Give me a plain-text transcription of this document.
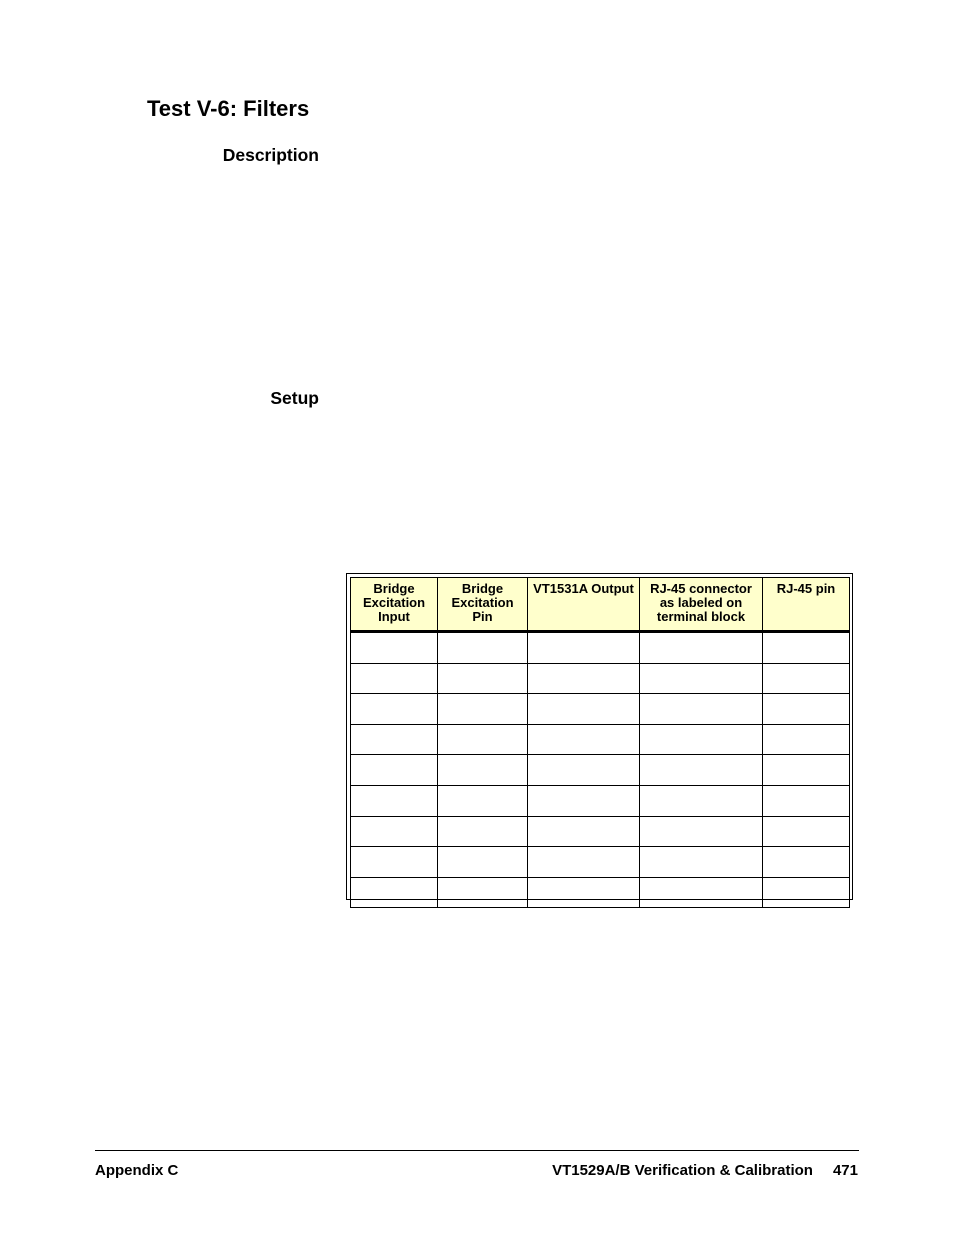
Test V-6: Filters
Description
Setup
Bridge Excitation Input	Bridge Excitation Pin	VT1531A Output	RJ-45 connector as labeled on terminal block	RJ-45 pin

Appendix C	VT1529A/B Verification & Calibration 471
